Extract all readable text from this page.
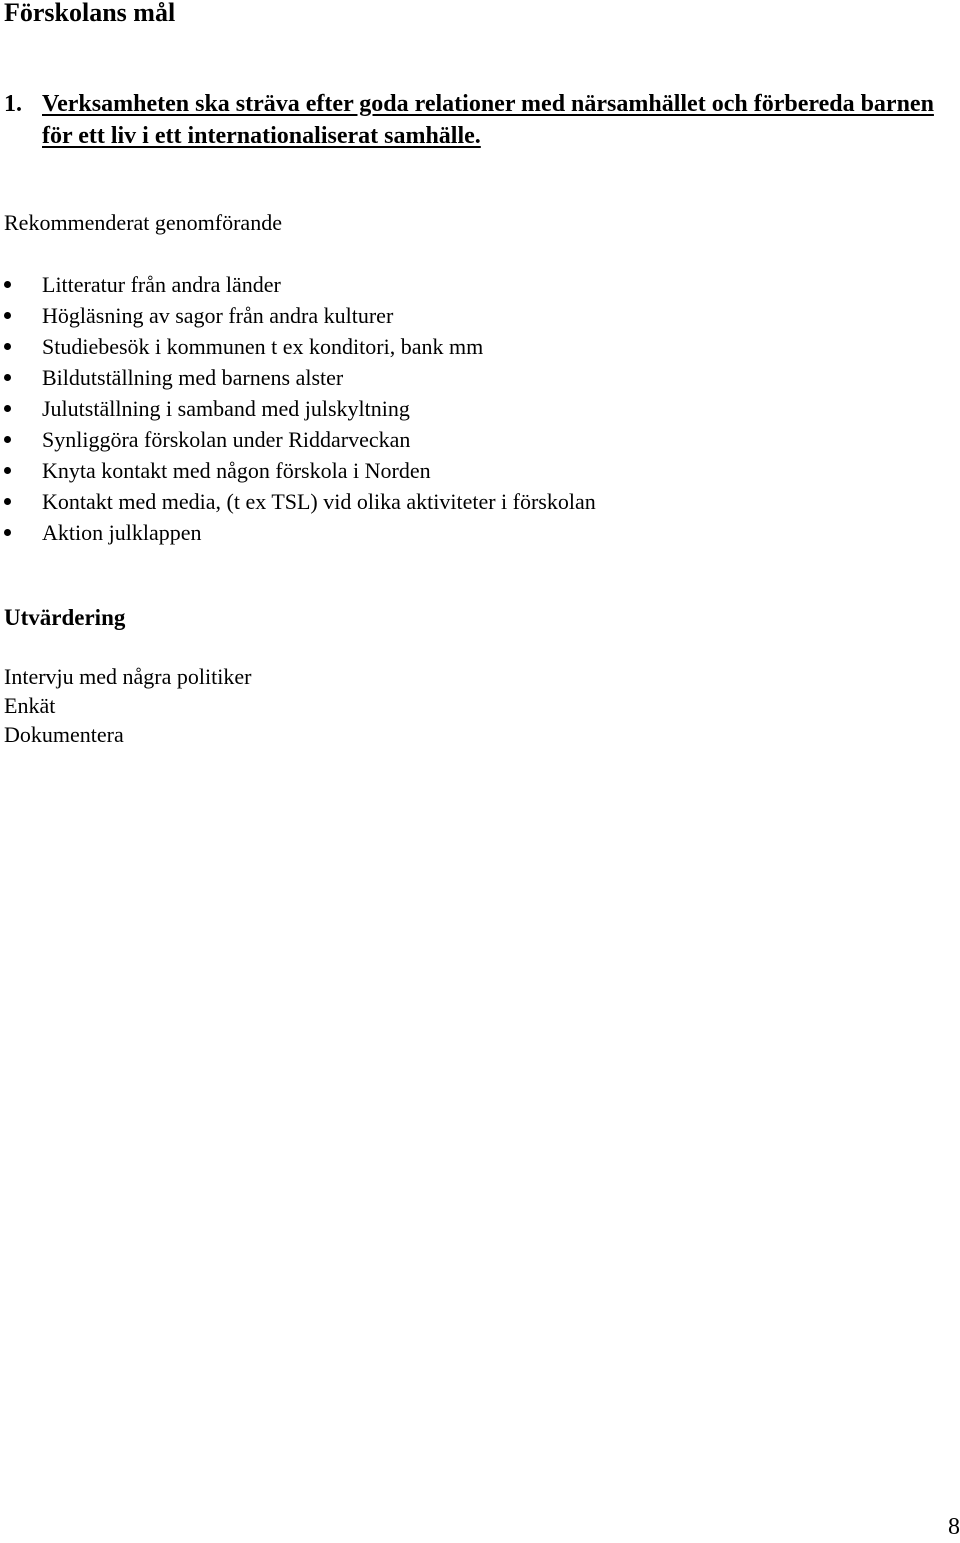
Förskolans mål
1. Verksamheten ska sträva efter goda relationer med närsamhället och förbereda barnen för ett liv i ett internationaliserat samhälle.
Rekommenderat genomförande
Litteratur från andra länder
Högläsning av sagor från andra kulturer
Studiebesök i kommunen t ex konditori, bank mm
Bildutställning med barnens alster
Julutställning i samband med julskyltning
Synliggöra förskolan under Riddarveckan
Knyta kontakt med någon förskola i Norden
Kontakt med media, (t ex TSL) vid olika aktiviteter i förskolan
Aktion julklappen
Utvärdering
Intervju med några politiker
Enkät
Dokumentera
8
